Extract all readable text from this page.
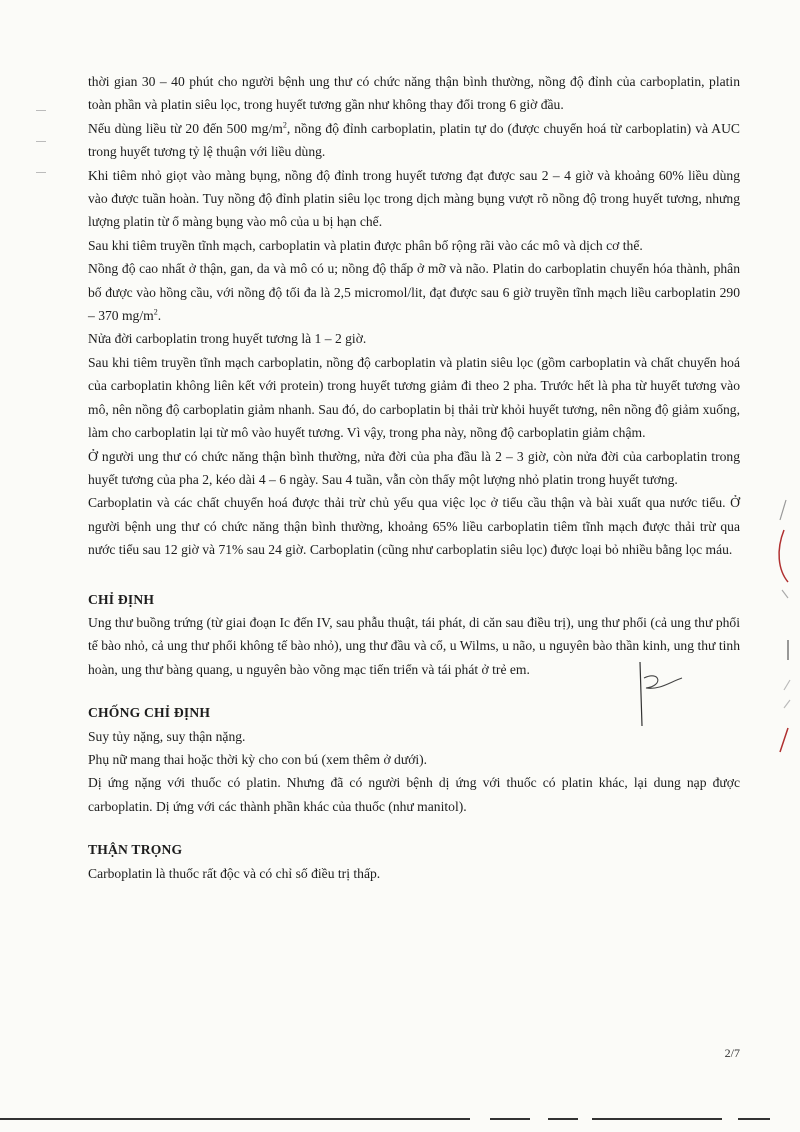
thời gian 30 – 40 phút cho người bệnh ung thư có chức năng thận bình thường, nồng độ đỉnh của carboplatin, platin toàn phần và platin siêu lọc, trong huyết tương gần như không thay đổi trong 6 giờ đầu.

Nếu dùng liều từ 20 đến 500 $mg/m^2$, nồng độ đỉnh carboplatin, platin tự do (được chuyển hoá từ carboplatin) và AUC trong huyết tương tỷ lệ thuận với liều dùng.

Khi tiêm nhỏ giọt vào màng bụng, nồng độ đỉnh trong huyết tương đạt được sau 2 – 4 giờ và khoảng 60% liều dùng vào được tuần hoàn. Tuy nồng độ đỉnh platin siêu lọc trong dịch màng bụng vượt rõ nồng độ trong huyết tương, nhưng lượng platin từ ổ màng bụng vào mô của u bị hạn chế.

Sau khi tiêm truyền tĩnh mạch, carboplatin và platin được phân bố rộng rãi vào các mô và dịch cơ thể.

Nồng độ cao nhất ở thận, gan, da và mô có u; nồng độ thấp ở mỡ và não. Platin do carboplatin chuyển hóa thành, phân bố được vào hồng cầu, với nồng độ tối đa là 2,5 micromol/lit, đạt được sau 6 giờ truyền tĩnh mạch liều carboplatin 290 – 370 $mg/m^2$.

Nửa đời carboplatin trong huyết tương là 1 – 2 giờ.

Sau khi tiêm truyền tĩnh mạch carboplatin, nồng độ carboplatin và platin siêu lọc (gồm carboplatin và chất chuyển hoá của carboplatin không liên kết với protein) trong huyết tương giảm đi theo 2 pha. Trước hết là pha từ huyết tương vào mô, nên nồng độ carboplatin giảm nhanh. Sau đó, do carboplatin bị thải trừ khỏi huyết tương, nên nồng độ giảm xuống, làm cho carboplatin lại từ mô vào huyết tương. Vì vậy, trong pha này, nồng độ carboplatin giảm chậm.

Ở người ung thư có chức năng thận bình thường, nửa đời của pha đầu là 2 – 3 giờ, còn nửa đời của carboplatin trong huyết tương của pha 2, kéo dài 4 – 6 ngày. Sau 4 tuần, vẫn còn thấy một lượng nhỏ platin trong huyết tương.

Carboplatin và các chất chuyển hoá được thải trừ chủ yếu qua việc lọc ở tiểu cầu thận và bài xuất qua nước tiểu. Ở người bệnh ung thư có chức năng thận bình thường, khoảng 65% liều carboplatin tiêm tĩnh mạch được thải trừ qua nước tiểu sau 12 giờ và 71% sau 24 giờ. Carboplatin (cũng như carboplatin siêu lọc) được loại bỏ nhiều bằng lọc máu.

CHỈ ĐỊNH

Ung thư buồng trứng (từ giai đoạn Ic đến IV, sau phẫu thuật, tái phát, di căn sau điều trị), ung thư phổi (cả ung thư phổi tế bào nhỏ, cả ung thư phổi không tế bào nhỏ), ung thư đầu và cổ, u Wilms, u não, u nguyên bào thần kinh, ung thư tinh hoàn, ung thư bàng quang, u nguyên bào võng mạc tiến triển và tái phát ở trẻ em.

CHỐNG CHỈ ĐỊNH

Suy tủy nặng, suy thận nặng.

Phụ nữ mang thai hoặc thời kỳ cho con bú (xem thêm ở dưới).

Dị ứng nặng với thuốc có platin. Nhưng đã có người bệnh dị ứng với thuốc có platin khác, lại dung nạp được carboplatin. Dị ứng với các thành phần khác của thuốc (như manitol).

THẬN TRỌNG

Carboplatin là thuốc rất độc và có chỉ số điều trị thấp.

2/7
